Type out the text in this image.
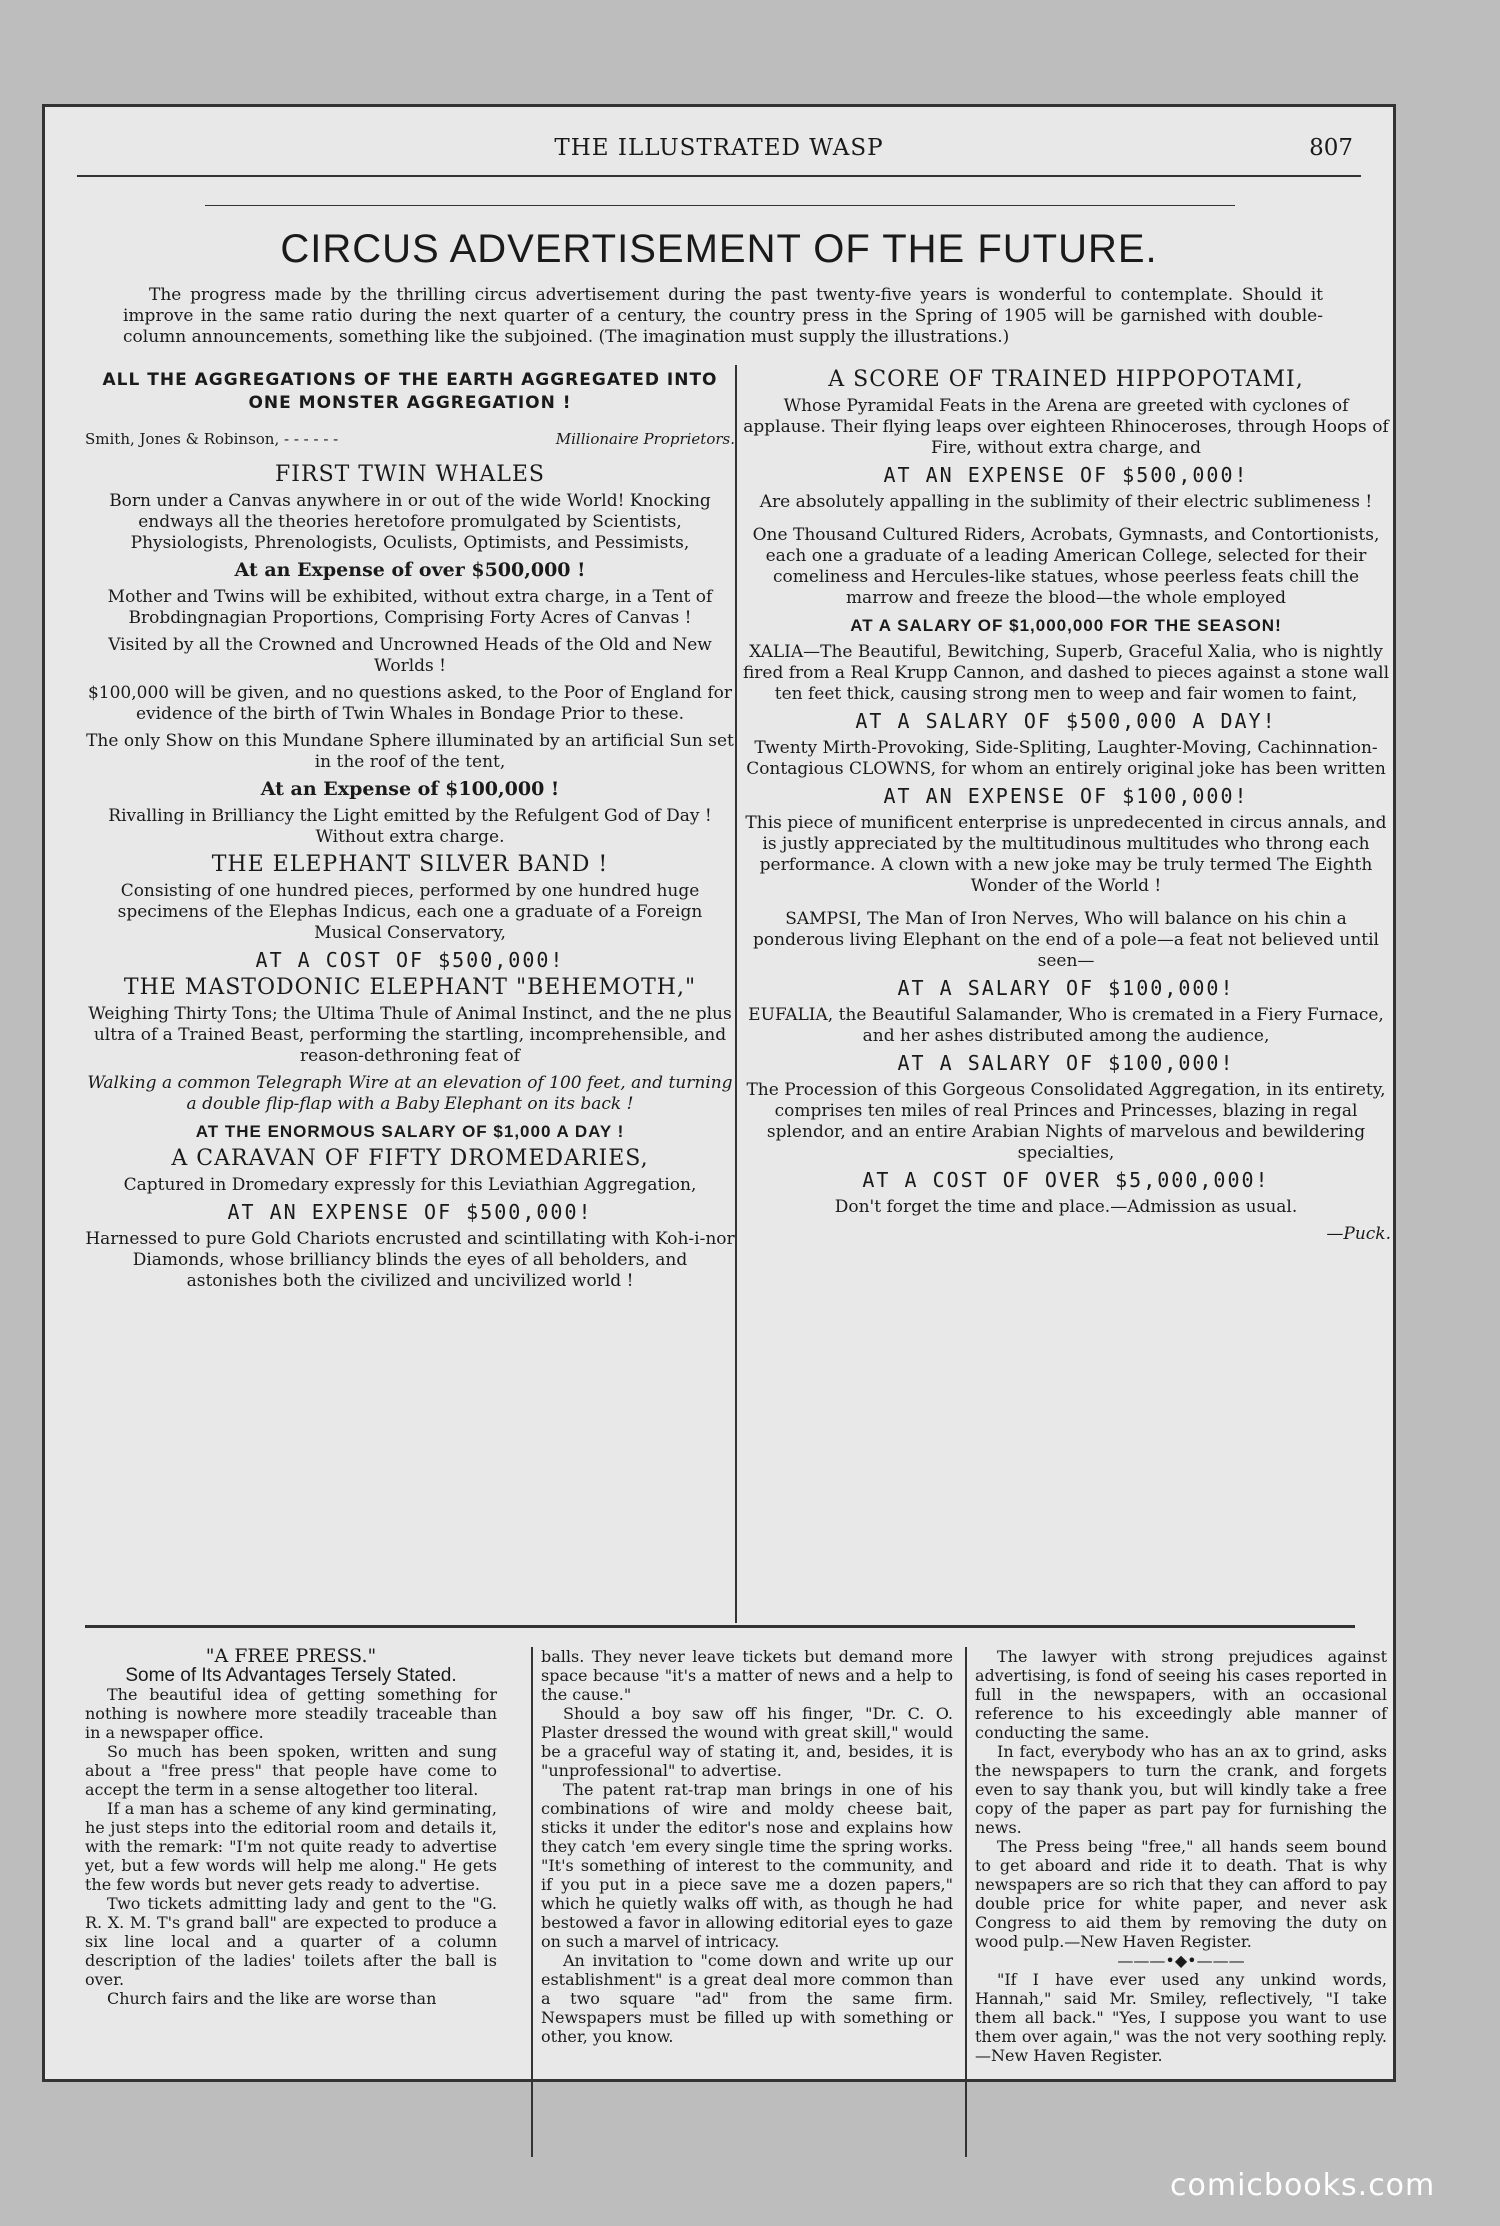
THE ILLUSTRATED WASP	807
CIRCUS ADVERTISEMENT OF THE FUTURE.
The progress made by the thrilling circus advertisement during the past twenty-five years is wonderful to contemplate. Should it improve in the same ratio during the next quarter of a century, the country press in the Spring of 1905 will be garnished with double-column announcements, something like the subjoined. (The imagination must supply the illustrations.)

ALL THE AGGREGATIONS OF THE EARTH AGGREGATED INTO ONE MONSTER AGGREGATION !

Smith, Jones & Robinson, - - - - - -	Millionaire Proprietors.

FIRST TWIN WHALES

Born under a Canvas anywhere in or out of the wide World! Knocking endways all the theories heretofore promulgated by Scientists, Physiologists, Phrenologists, Oculists, Optimists, and Pessimists,

At an Expense of over $500,000 !

Mother and Twins will be exhibited, without extra charge, in a Tent of Brobdingnagian Proportions, Comprising Forty Acres of Canvas !

Visited by all the Crowned and Uncrowned Heads of the Old and New Worlds !

$100,000 will be given, and no questions asked, to the Poor of England for evidence of the birth of Twin Whales in Bondage Prior to these.

The only Show on this Mundane Sphere illuminated by an artificial Sun set in the roof of the tent,

At an Expense of $100,000 !

Rivalling in Brilliancy the Light emitted by the Refulgent God of Day ! Without extra charge.

THE ELEPHANT SILVER BAND !

Consisting of one hundred pieces, performed by one hundred huge specimens of the Elephas Indicus, each one a graduate of a Foreign Musical Conservatory,

AT A COST OF $500,000!

THE MASTODONIC ELEPHANT "BEHEMOTH,"

Weighing Thirty Tons; the Ultima Thule of Animal Instinct, and the ne plus ultra of a Trained Beast, performing the startling, incomprehensible, and reason-dethroning feat of

Walking a common Telegraph Wire at an elevation of 100 feet, and turning a double flip-flap with a Baby Elephant on its back !

AT THE ENORMOUS SALARY OF $1,000 A DAY !

A CARAVAN OF FIFTY DROMEDARIES,

Captured in Dromedary expressly for this Leviathian Aggregation,

AT AN EXPENSE OF $500,000!

Harnessed to pure Gold Chariots encrusted and scintillating with Koh-i-nor Diamonds, whose brilliancy blinds the eyes of all beholders, and astonishes both the civilized and uncivilized world !

A SCORE OF TRAINED HIPPOPOTAMI,

Whose Pyramidal Feats in the Arena are greeted with cyclones of applause. Their flying leaps over eighteen Rhinoceroses, through Hoops of Fire, without extra charge, and

AT AN EXPENSE OF $500,000!

Are absolutely appalling in the sublimity of their electric sublimeness !

One Thousand Cultured Riders, Acrobats, Gymnasts, and Contortionists, each one a graduate of a leading American College, selected for their comeliness and Hercules-like statues, whose peerless feats chill the marrow and freeze the blood—the whole employed

AT A SALARY OF $1,000,000 FOR THE SEASON!

XALIA—The Beautiful, Bewitching, Superb, Graceful Xalia, who is nightly fired from a Real Krupp Cannon, and dashed to pieces against a stone wall ten feet thick, causing strong men to weep and fair women to faint,

AT A SALARY OF $500,000 A DAY!

Twenty Mirth-Provoking, Side-Spliting, Laughter-Moving, Cachinnation-Contagious CLOWNS, for whom an entirely original joke has been written

AT AN EXPENSE OF $100,000!

This piece of munificent enterprise is unpredecented in circus annals, and is justly appreciated by the multitudinous multitudes who throng each performance. A clown with a new joke may be truly termed The Eighth Wonder of the World !

SAMPSI, The Man of Iron Nerves, Who will balance on his chin a ponderous living Elephant on the end of a pole—a feat not believed until seen—

AT A SALARY OF $100,000!

EUFALIA, the Beautiful Salamander, Who is cremated in a Fiery Furnace, and her ashes distributed among the audience,

AT A SALARY OF $100,000!

The Procession of this Gorgeous Consolidated Aggregation, in its entirety, comprises ten miles of real Princes and Princesses, blazing in regal splendor, and an entire Arabian Nights of marvelous and bewildering specialties,

AT A COST OF OVER $5,000,000!

Don't forget the time and place.—Admission as usual.

—Puck.

"A FREE PRESS."

Some of Its Advantages Tersely Stated.

The beautiful idea of getting something for nothing is nowhere more steadily traceable than in a newspaper office.

So much has been spoken, written and sung about a "free press" that people have come to accept the term in a sense altogether too literal.

If a man has a scheme of any kind germinating, he just steps into the editorial room and details it, with the remark: "I'm not quite ready to advertise yet, but a few words will help me along." He gets the few words but never gets ready to advertise.

Two tickets admitting lady and gent to the "G. R. X. M. T's grand ball" are expected to produce a six line local and a quarter of a column description of the ladies' toilets after the ball is over.

Church fairs and the like are worse than

balls. They never leave tickets but demand more space because "it's a matter of news and a help to the cause."

Should a boy saw off his finger, "Dr. C. O. Plaster dressed the wound with great skill," would be a graceful way of stating it, and, besides, it is "unprofessional" to advertise.

The patent rat-trap man brings in one of his combinations of wire and moldy cheese bait, sticks it under the editor's nose and explains how they catch 'em every single time the spring works. "It's something of interest to the community, and if you put in a piece save me a dozen papers," which he quietly walks off with, as though he had bestowed a favor in allowing editorial eyes to gaze on such a marvel of intricacy.

An invitation to "come down and write up our establishment" is a great deal more common than a two square "ad" from the same firm. Newspapers must be filled up with something or other, you know.

The lawyer with strong prejudices against advertising, is fond of seeing his cases reported in full in the newspapers, with an occasional reference to his exceedingly able manner of conducting the same.

In fact, everybody who has an ax to grind, asks the newspapers to turn the crank, and forgets even to say thank you, but will kindly take a free copy of the paper as part pay for furnishing the news.

The Press being "free," all hands seem bound to get aboard and ride it to death. That is why newspapers are so rich that they can afford to pay double price for white paper, and never ask Congress to aid them by removing the duty on wood pulp.—New Haven Register.

———•◆•———

"If I have ever used any unkind words, Hannah," said Mr. Smiley, reflectively, "I take them all back." "Yes, I suppose you want to use them over again," was the not very soothing reply.—New Haven Register.

comicbooks.com
